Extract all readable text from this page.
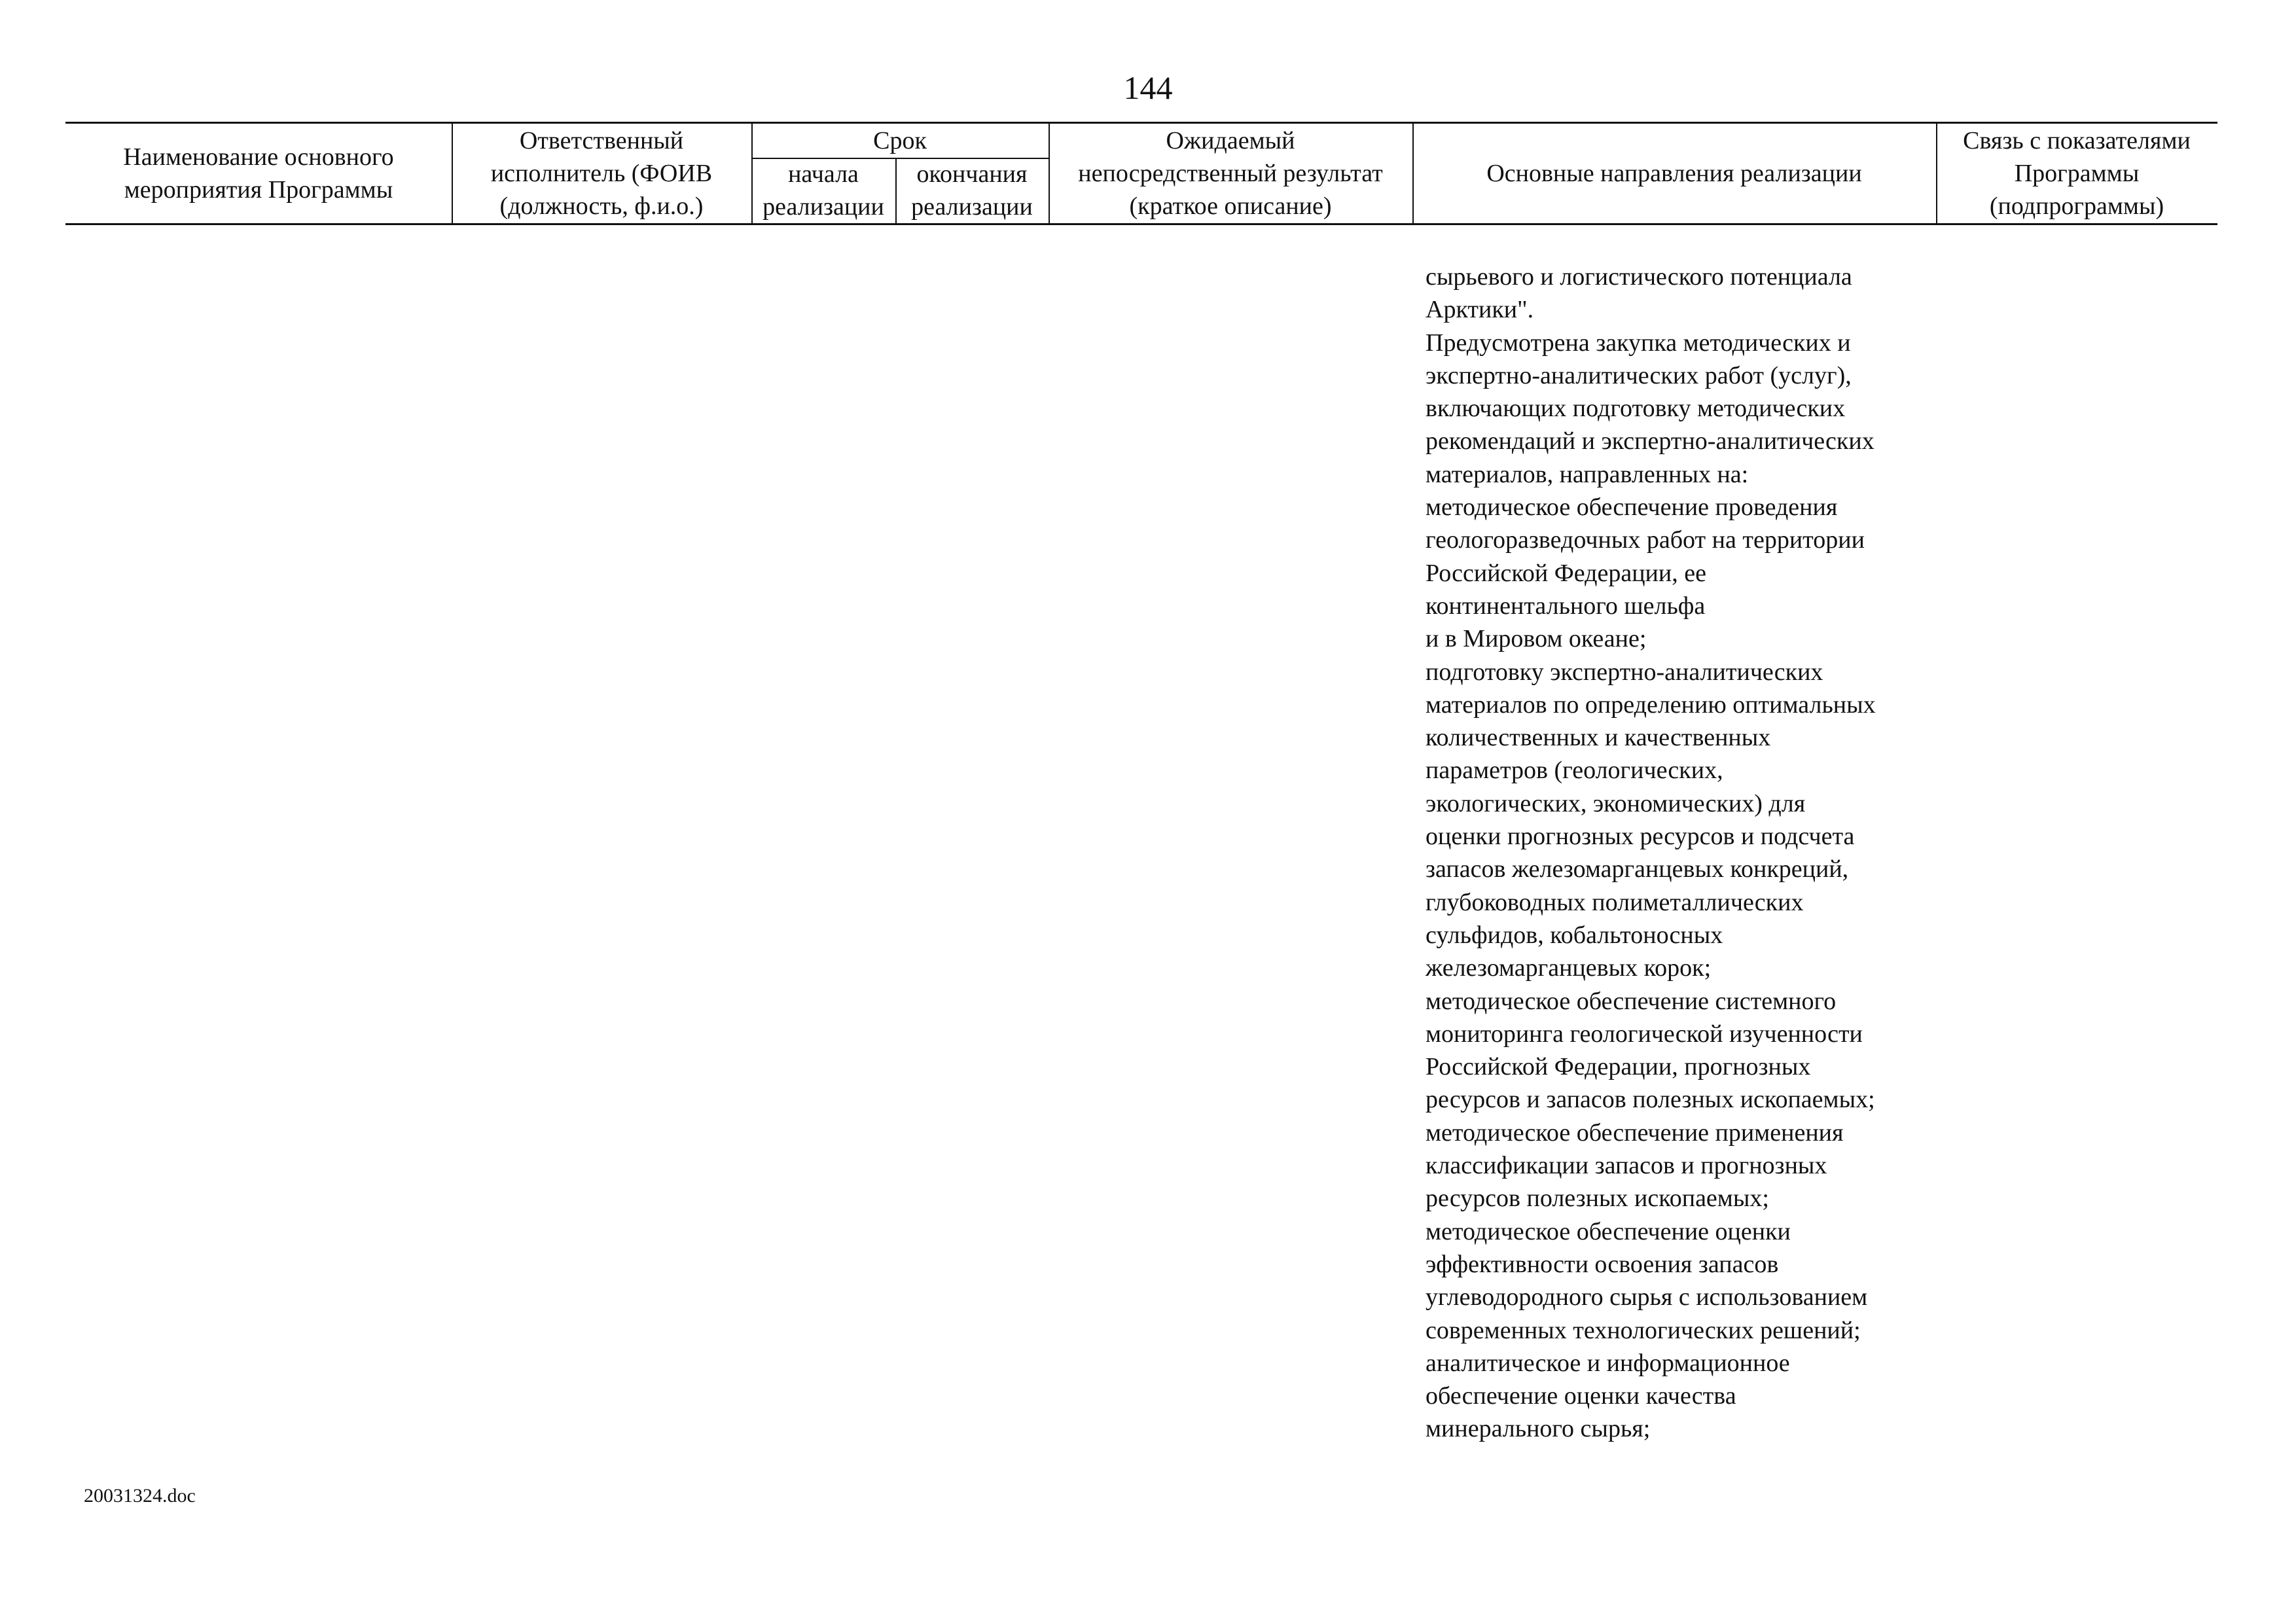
144
Наименование основного
мероприятия Программы
Ответственный
исполнитель (ФОИВ
(должность, ф.и.о.)
Срок
начала
реализации
окончания
реализации
Ожидаемый
непосредственный результат
(краткое описание)
Основные направления реализации
Связь с показателями
Программы
(подпрограммы)
сырьевого и логистического потенциала
Арктики".
Предусмотрена закупка методических и
экспертно-аналитических работ (услуг),
включающих подготовку методических
рекомендаций и экспертно-аналитических
материалов, направленных на:
методическое обеспечение проведения
геологоразведочных работ на территории
Российской Федерации, ее
континентального шельфа
и в Мировом океане;
подготовку экспертно-аналитических
материалов по определению оптимальных
количественных и качественных
параметров (геологических,
экологических, экономических) для
оценки прогнозных ресурсов и подсчета
запасов железомарганцевых конкреций,
глубоководных полиметаллических
сульфидов, кобальтоносных
железомарганцевых корок;
методическое обеспечение системного
мониторинга геологической изученности
Российской Федерации, прогнозных
ресурсов и запасов полезных ископаемых;
методическое обеспечение применения
классификации запасов и прогнозных
ресурсов полезных ископаемых;
методическое обеспечение оценки
эффективности освоения запасов
углеводородного сырья с использованием
современных технологических решений;
аналитическое и информационное
обеспечение оценки качества
минерального сырья;
20031324.doc
